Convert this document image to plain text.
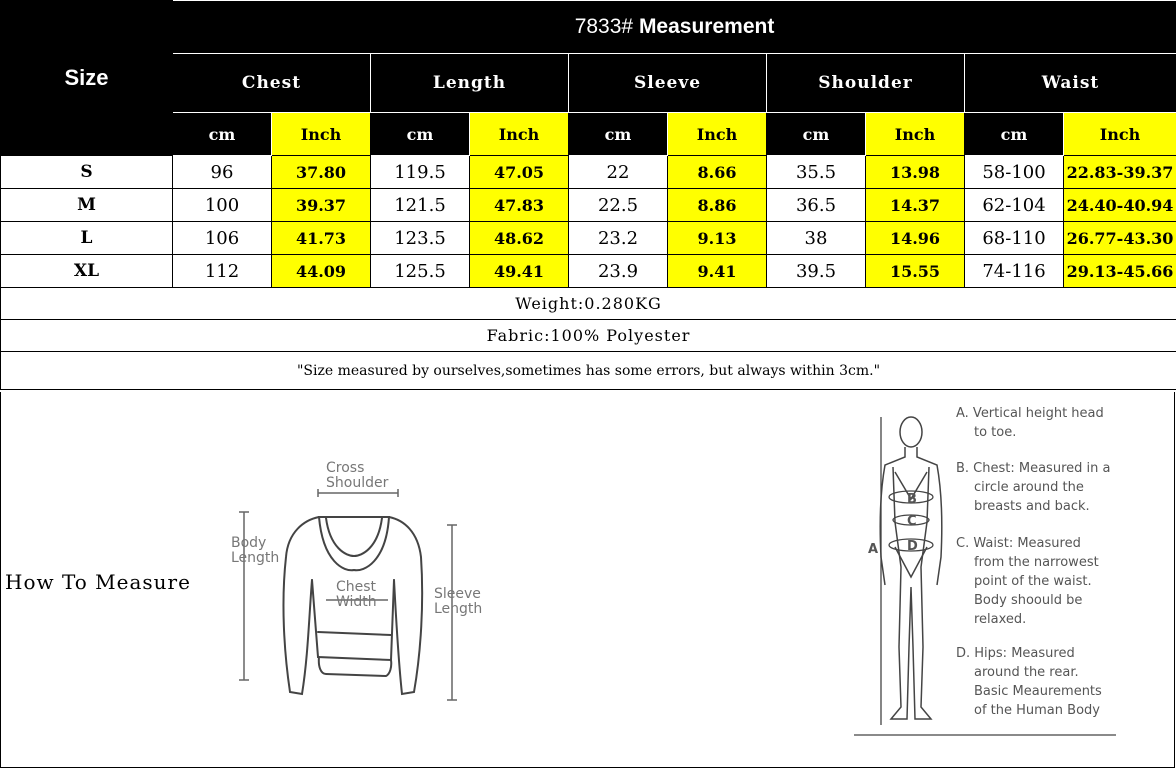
Size	7833# Measurement									
	Chest		Length		Sleeve		Shoulder		Waist	
	cm	Inch	cm	Inch	cm	Inch	cm	Inch	cm	Inch
S	96	37.80	119.5	47.05	22	8.66	35.5	13.98	58-100	22.83-39.37
M	100	39.37	121.5	47.83	22.5	8.86	36.5	14.37	62-104	24.40-40.94
L	106	41.73	123.5	48.62	23.2	9.13	38	14.96	68-110	26.77-43.30
XL	112	44.09	125.5	49.41	23.9	9.41	39.5	15.55	74-116	29.13-45.66
Weight:0.280KG										
Fabric:100% Polyester										
"Size measured by ourselves,sometimes has some errors, but always within 3cm."										
How To Measure
Cross
Shoulder
Body
Length
Chest
Width	Sleeve
Length
A
B
C
D
A. Vertical height head
to toe.
B. Chest: Measured in a
circle around the
breasts and back.
C. Waist: Measured
from the narrowest
point of the waist.
Body shoould be
relaxed.
D. Hips: Measured
around the rear.
Basic Meaurements
of the Human Body
